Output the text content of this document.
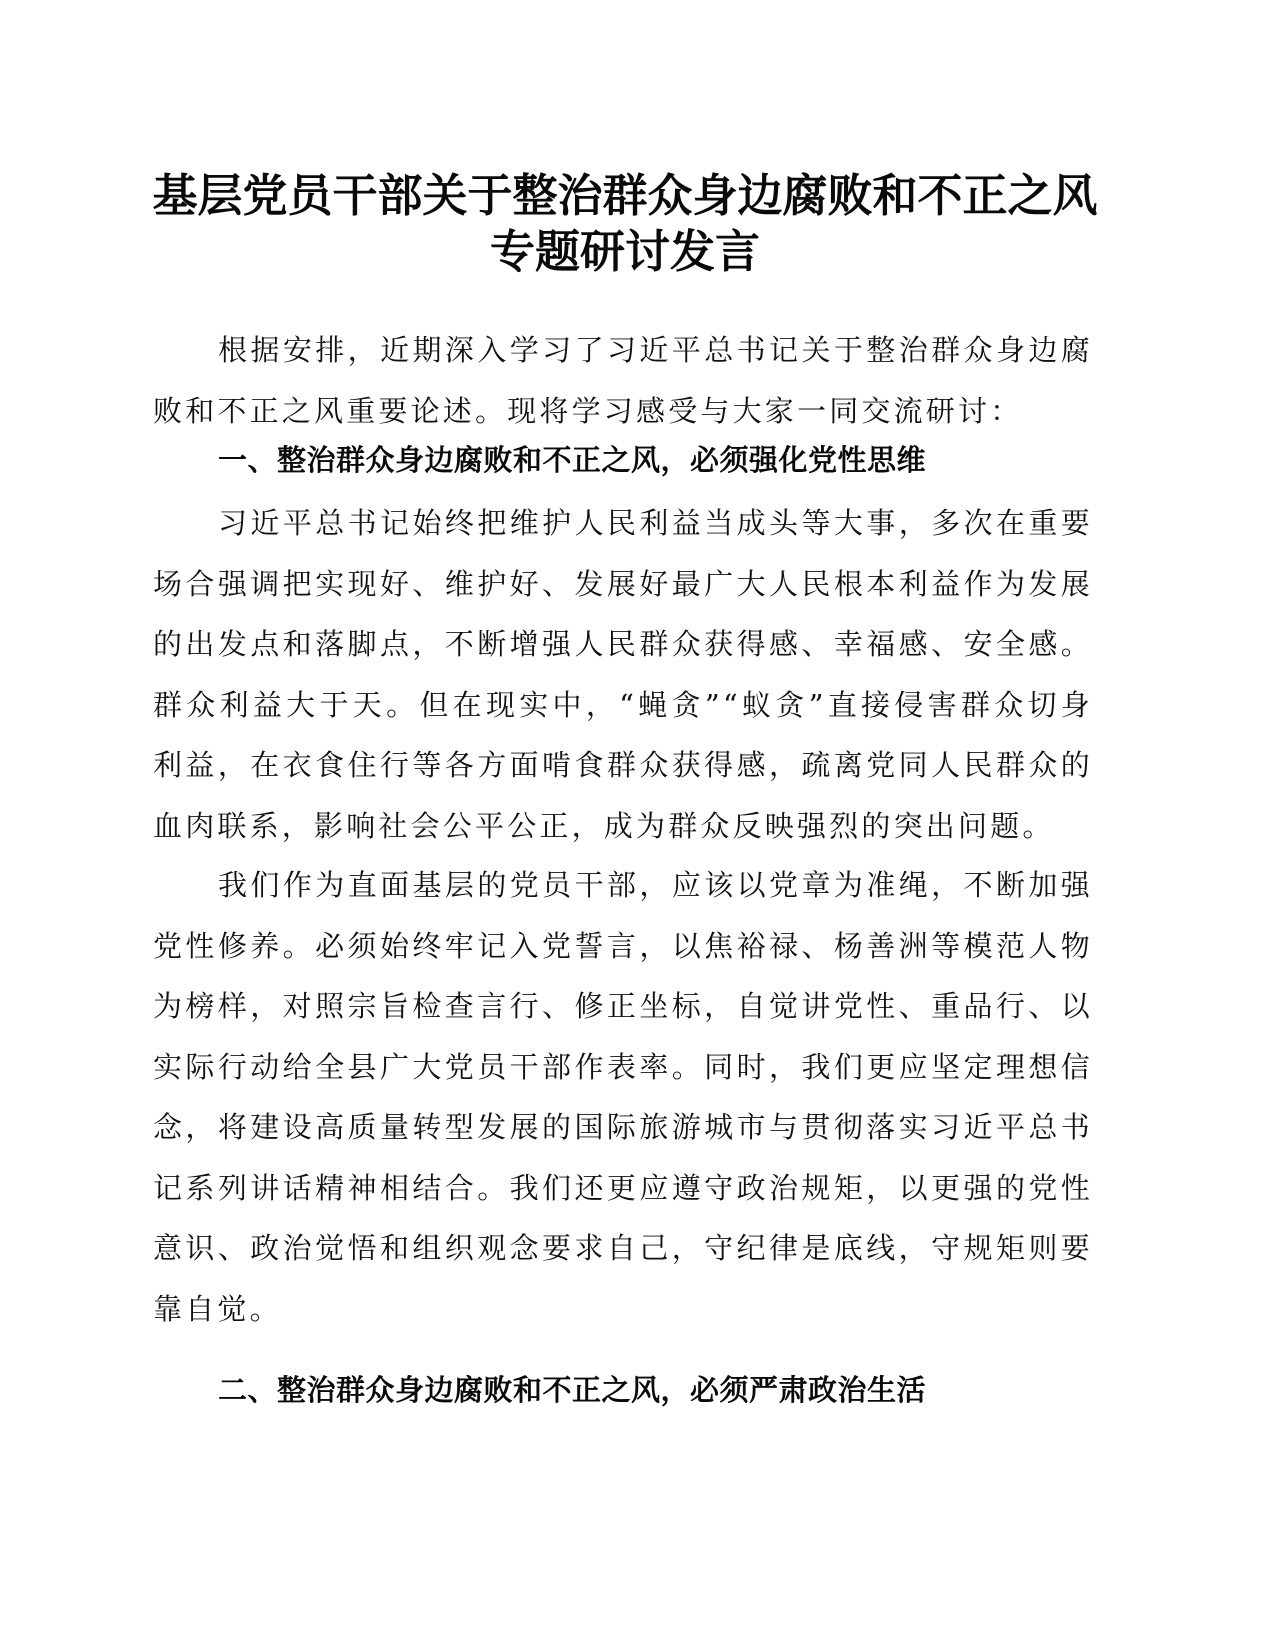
基层党员干部关于整治群众身边腐败和不正之风专题研讨发言

根据安排，近期深入学习了习近平总书记关于整治群众身边腐败和不正之风重要论述。现将学习感受与大家一同交流研讨：

一、整治群众身边腐败和不正之风，必须强化党性思维

习近平总书记始终把维护人民利益当成头等大事，多次在重要场合强调把实现好、维护好、发展好最广大人民根本利益作为发展的出发点和落脚点，不断增强人民群众获得感、幸福感、安全感。群众利益大于天。但在现实中，“蝇贪”“蚁贪”直接侵害群众切身利益，在衣食住行等各方面啃食群众获得感，疏离党同人民群众的血肉联系，影响社会公平公正，成为群众反映强烈的突出问题。

我们作为直面基层的党员干部，应该以党章为准绳，不断加强党性修养。必须始终牢记入党誓言，以焦裕禄、杨善洲等模范人物为榜样，对照宗旨检查言行、修正坐标，自觉讲党性、重品行、以实际行动给全县广大党员干部作表率。同时，我们更应坚定理想信念，将建设高质量转型发展的国际旅游城市与贯彻落实习近平总书记系列讲话精神相结合。我们还更应遵守政治规矩，以更强的党性意识、政治觉悟和组织观念要求自己，守纪律是底线，守规矩则要靠自觉。

二、整治群众身边腐败和不正之风，必须严肃政治生活
